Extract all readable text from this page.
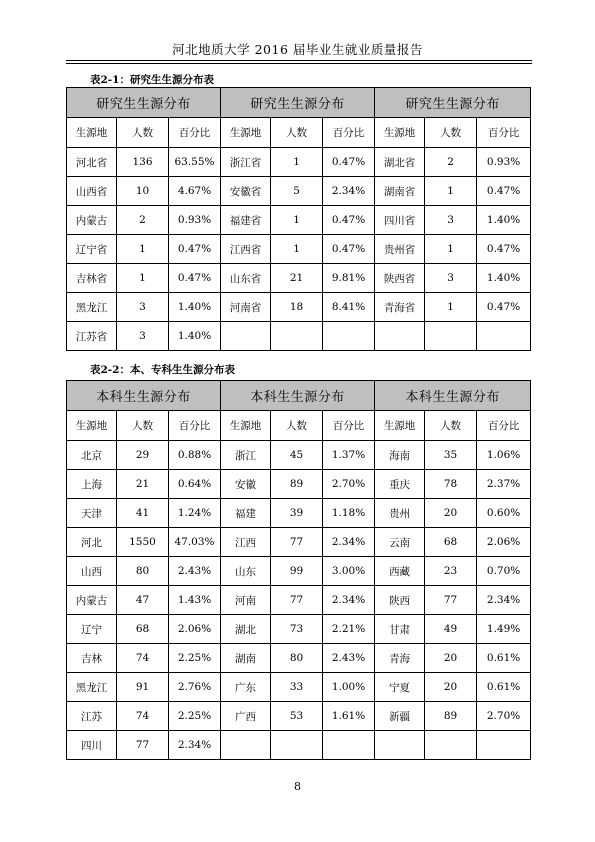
河北地质大学 2016 届毕业生就业质量报告
表2-1：研究生生源分布表
研究生生源分布			研究生生源分布			研究生生源分布		
生源地	人数	百分比	生源地	人数	百分比	生源地	人数	百分比
河北省	136	63.55%	浙江省	1	0.47%	湖北省	2	0.93%
山西省	10	4.67%	安徽省	5	2.34%	湖南省	1	0.47%
内蒙古	2	0.93%	福建省	1	0.47%	四川省	3	1.40%
辽宁省	1	0.47%	江西省	1	0.47%	贵州省	1	0.47%
吉林省	1	0.47%	山东省	21	9.81%	陕西省	3	1.40%
黑龙江	3	1.40%	河南省	18	8.41%	青海省	1	0.47%
江苏省	3	1.40%						
表2-2：本、专科生生源分布表
本科生生源分布			本科生生源分布			本科生生源分布		
生源地	人数	百分比	生源地	人数	百分比	生源地	人数	百分比
北京	29	0.88%	浙江	45	1.37%	海南	35	1.06%
上海	21	0.64%	安徽	89	2.70%	重庆	78	2.37%
天津	41	1.24%	福建	39	1.18%	贵州	20	0.60%
河北	1550	47.03%	江西	77	2.34%	云南	68	2.06%
山西	80	2.43%	山东	99	3.00%	西藏	23	0.70%
内蒙古	47	1.43%	河南	77	2.34%	陕西	77	2.34%
辽宁	68	2.06%	湖北	73	2.21%	甘肃	49	1.49%
吉林	74	2.25%	湖南	80	2.43%	青海	20	0.61%
黑龙江	91	2.76%	广东	33	1.00%	宁夏	20	0.61%
江苏	74	2.25%	广西	53	1.61%	新疆	89	2.70%
四川	77	2.34%						
8
